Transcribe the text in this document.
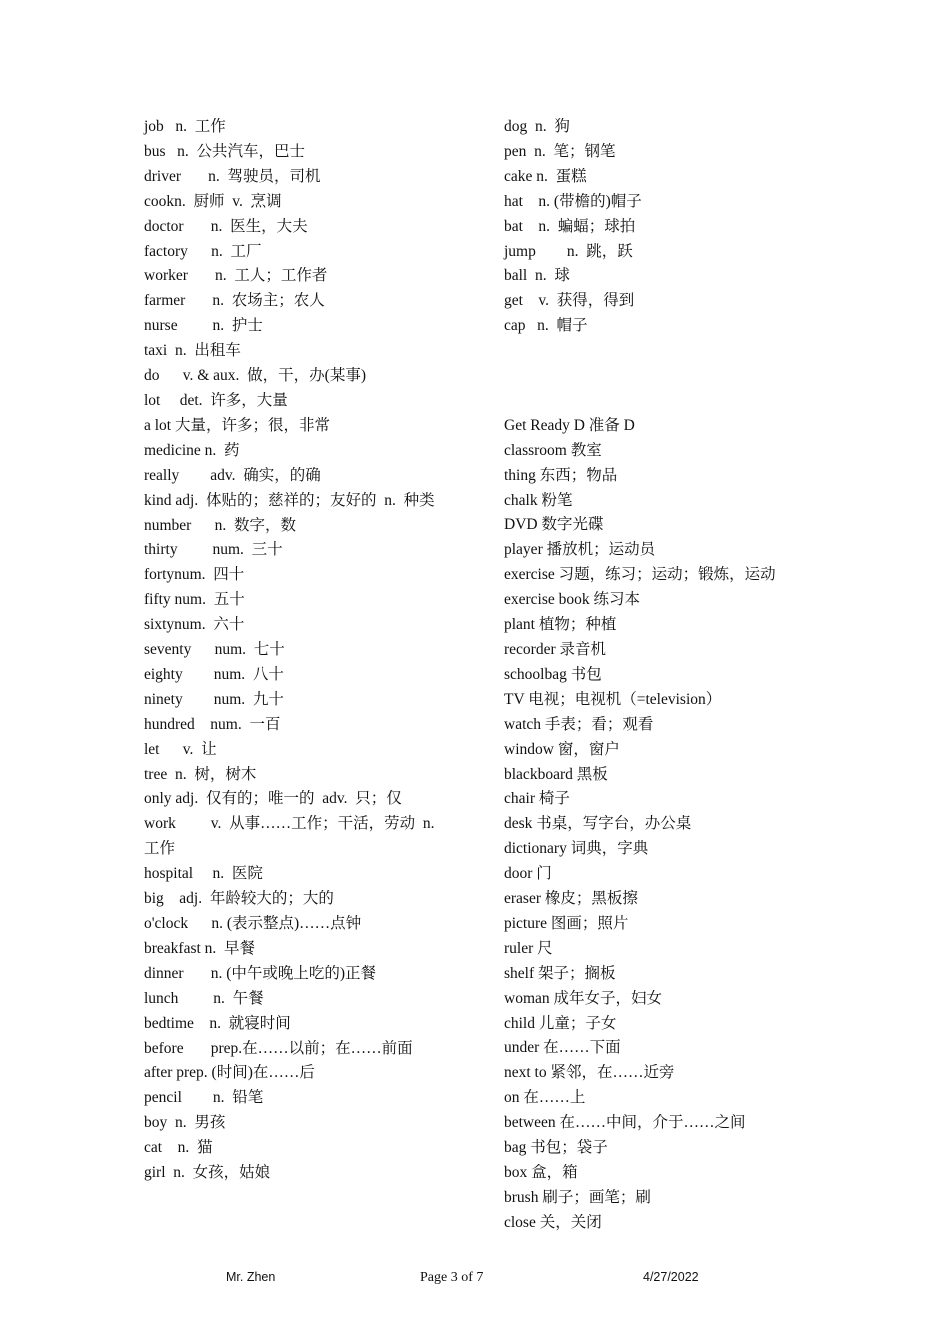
job   n.  工作
bus   n.  公共汽车，巴士
driver       n.  驾驶员，司机
cookn.  厨师  v.  烹调
doctor       n.  医生，大夫
factory      n.  工厂
worker       n.  工人；工作者
farmer       n.  农场主；农人
nurse         n.  护士
taxi  n.  出租车
do      v. & aux.  做，干，办(某事)
lot     det.  许多，大量
a lot 大量，许多；很，非常
medicine n.  药
really        adv.  确实，的确
kind adj.  体贴的；慈祥的；友好的  n.  种类
number      n.  数字，数
thirty         num.  三十
fortynum.  四十
fifty num.  五十
sixtynum.  六十
seventy      num.  七十
eighty        num.  八十
ninety        num.  九十
hundred    num.  一百
let      v.  让
tree  n.  树，树木
only adj.  仅有的；唯一的  adv.  只；仅
work         v.  从事……工作；干活，劳动  n.  工作
hospital     n.  医院
big    adj.  年龄较大的；大的
o'clock      n. (表示整点)……点钟
breakfast n.  早餐
dinner       n. (中午或晚上吃的)正餐
lunch         n.  午餐
bedtime    n.  就寝时间
before       prep.在……以前；在……前面
after prep. (时间)在……后
pencil        n.  铅笔
boy  n.  男孩
cat    n.  猫
girl  n.  女孩，姑娘
dog  n.  狗
pen  n.  笔；钢笔
cake n.  蛋糕
hat    n. (带檐的)帽子
bat    n.  蝙蝠；球拍
jump        n.  跳，跃
ball  n.  球
get    v.  获得，得到
cap   n.  帽子
Get Ready D 准备 D
classroom 教室
thing 东西；物品
chalk 粉笔
DVD 数字光碟
player 播放机；运动员
exercise 习题，练习；运动；锻炼，运动
exercise book 练习本
plant 植物；种植
recorder 录音机
schoolbag 书包
TV 电视；电视机（=television）
watch 手表；看；观看
window 窗，窗户
blackboard 黑板
chair 椅子
desk 书桌，写字台，办公桌
dictionary 词典，字典
door 门
eraser 橡皮；黑板擦
picture 图画；照片
ruler 尺
shelf 架子；搁板
woman 成年女子，妇女
child 儿童；子女
under 在……下面
next to 紧邻，在……近旁
on 在……上
between 在……中间，介于……之间
bag 书包；袋子
box 盒，箱
brush 刷子；画笔；刷
close 关，关闭
Mr. Zhen	Page 3 of 7	4/27/2022
